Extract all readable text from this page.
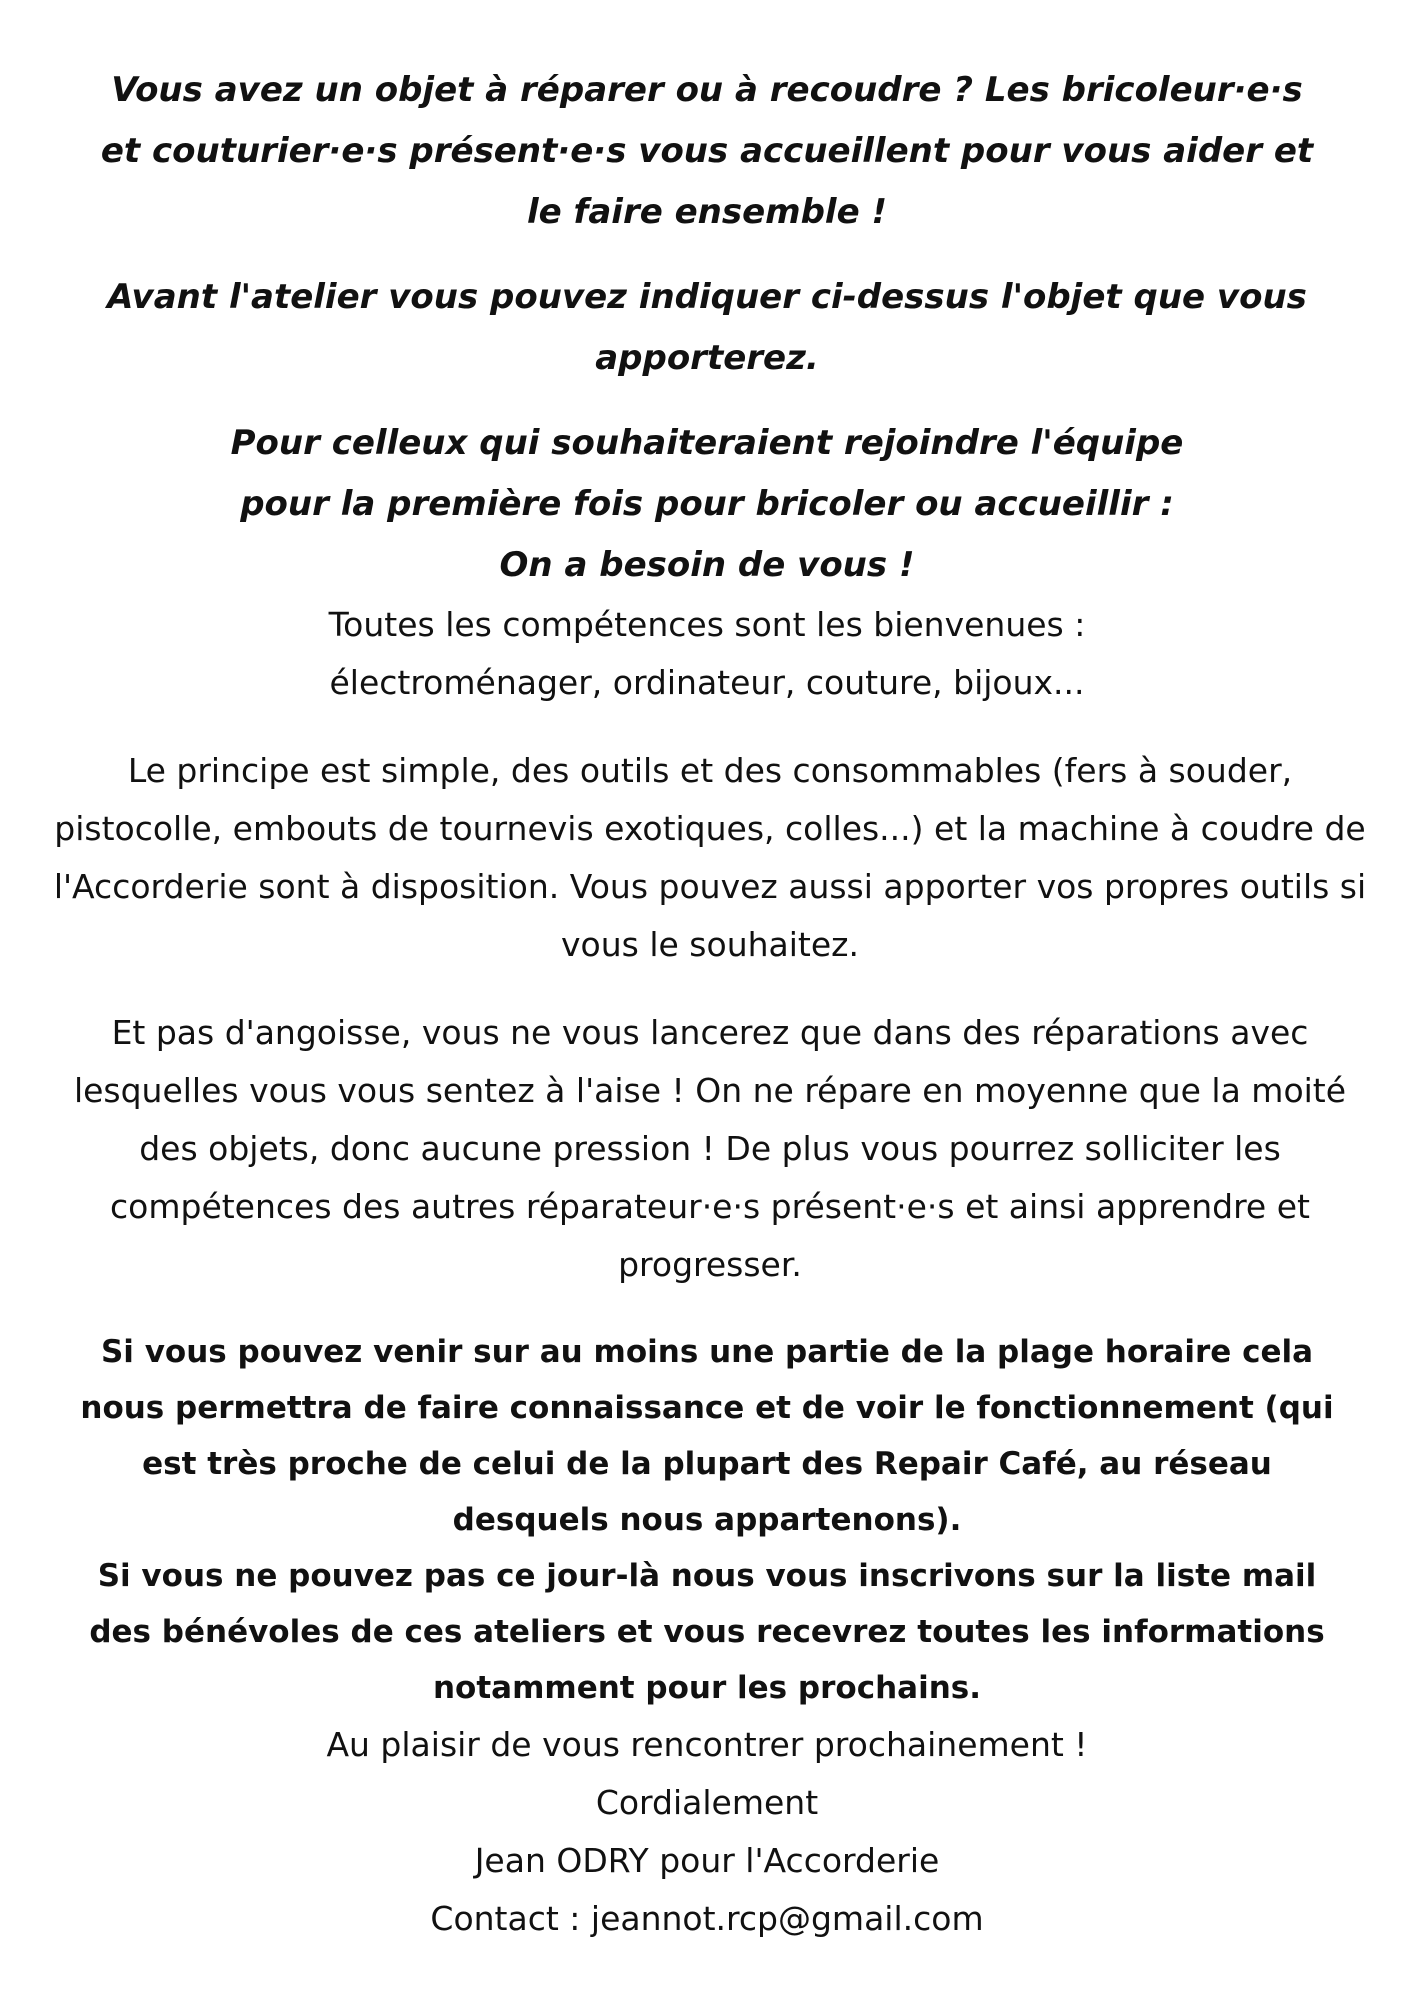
Vous avez un objet à réparer ou à recoudre ? Les bricoleur·e·s et couturier·e·s présent·e·s vous accueillent pour vous aider et le faire ensemble !

Avant l'atelier vous pouvez indiquer ci-dessus l'objet que vous apporterez.

Pour celleux qui souhaiteraient rejoindre l'équipe
pour la première fois pour bricoler ou accueillir :
On a besoin de vous !
Toutes les compétences sont les bienvenues :
électroménager, ordinateur, couture, bijoux...

Le principe est simple, des outils et des consommables (fers à souder, pistocolle, embouts de tournevis exotiques, colles...) et la machine à coudre de l'Accorderie sont à disposition. Vous pouvez aussi apporter vos propres outils si vous le souhaitez.

Et pas d'angoisse, vous ne vous lancerez que dans des réparations avec lesquelles vous vous sentez à l'aise ! On ne répare en moyenne que la moité des objets, donc aucune pression ! De plus vous pourrez solliciter les compétences des autres réparateur·e·s présent·e·s et ainsi apprendre et progresser.

Si vous pouvez venir sur au moins une partie de la plage horaire cela nous permettra de faire connaissance et de voir le fonctionnement (qui est très proche de celui de la plupart des Repair Café, au réseau desquels nous appartenons).

Si vous ne pouvez pas ce jour-là nous vous inscrivons sur la liste mail des bénévoles de ces ateliers et vous recevrez toutes les informations notamment pour les prochains.

Au plaisir de vous rencontrer prochainement !
Cordialement
Jean ODRY pour l'Accorderie
Contact : jeannot.rcp@gmail.com
